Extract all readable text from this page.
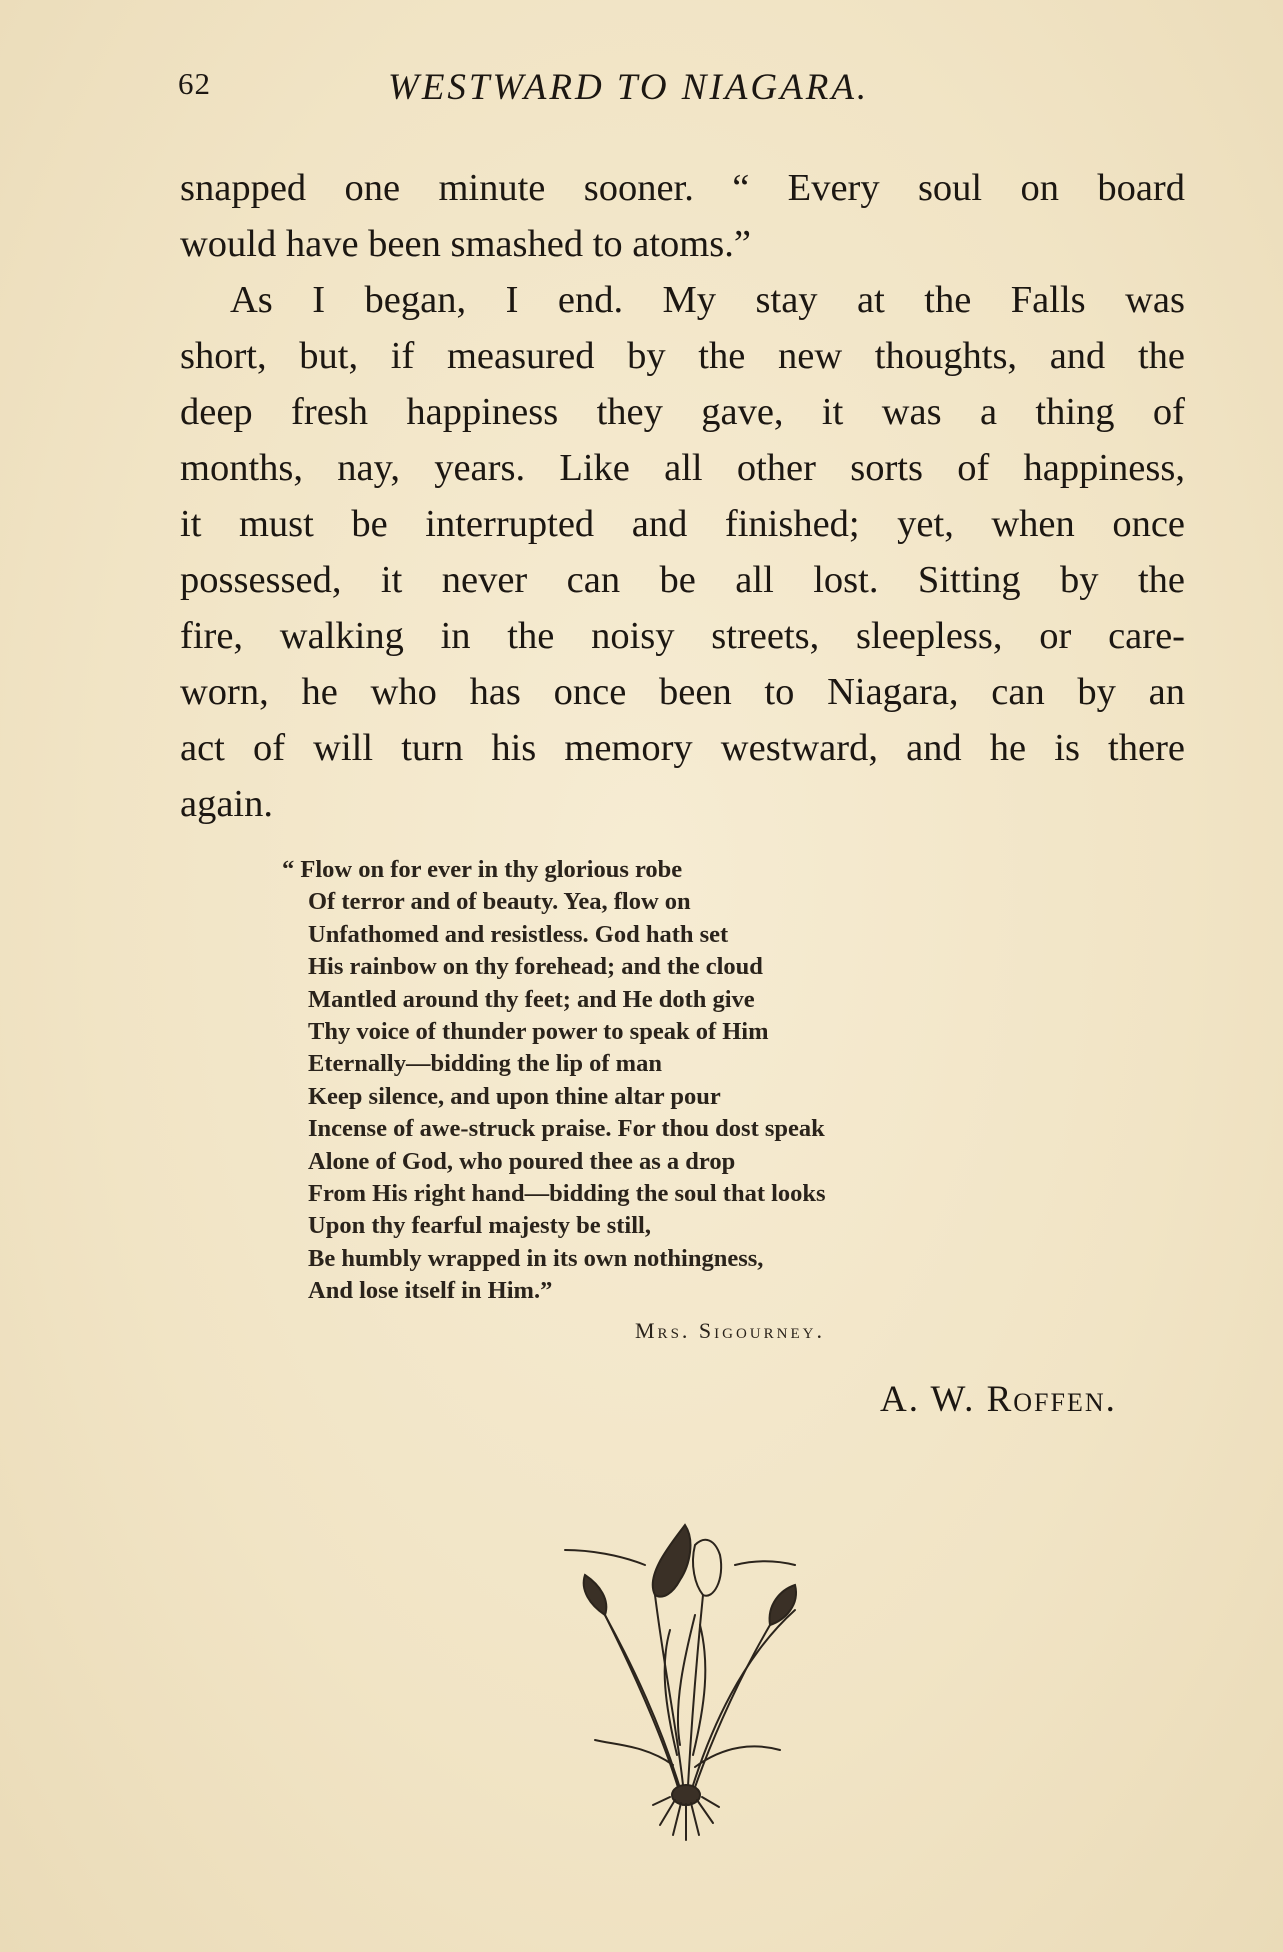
62	WESTWARD TO NIAGARA.
snapped one minute sooner. “ Every soul on board
would have been smashed to atoms.”
As I began, I end. My stay at the Falls was
short, but, if measured by the new thoughts, and the
deep fresh happiness they gave, it was a thing of
months, nay, years. Like all other sorts of happiness,
it must be interrupted and finished; yet, when once
possessed, it never can be all lost. Sitting by the
fire, walking in the noisy streets, sleepless, or care-
worn, he who has once been to Niagara, can by an
act of will turn his memory westward, and he is there
again.
“ Flow on for ever in thy glorious robe
Of terror and of beauty. Yea, flow on
Unfathomed and resistless. God hath set
His rainbow on thy forehead; and the cloud
Mantled around thy feet; and He doth give
Thy voice of thunder power to speak of Him
Eternally—bidding the lip of man
Keep silence, and upon thine altar pour
Incense of awe-struck praise. For thou dost speak
Alone of God, who poured thee as a drop
From His right hand—bidding the soul that looks
Upon thy fearful majesty be still,
Be humbly wrapped in its own nothingness,
And lose itself in Him.”
Mrs. Sigourney.
A. W. Roffen.
